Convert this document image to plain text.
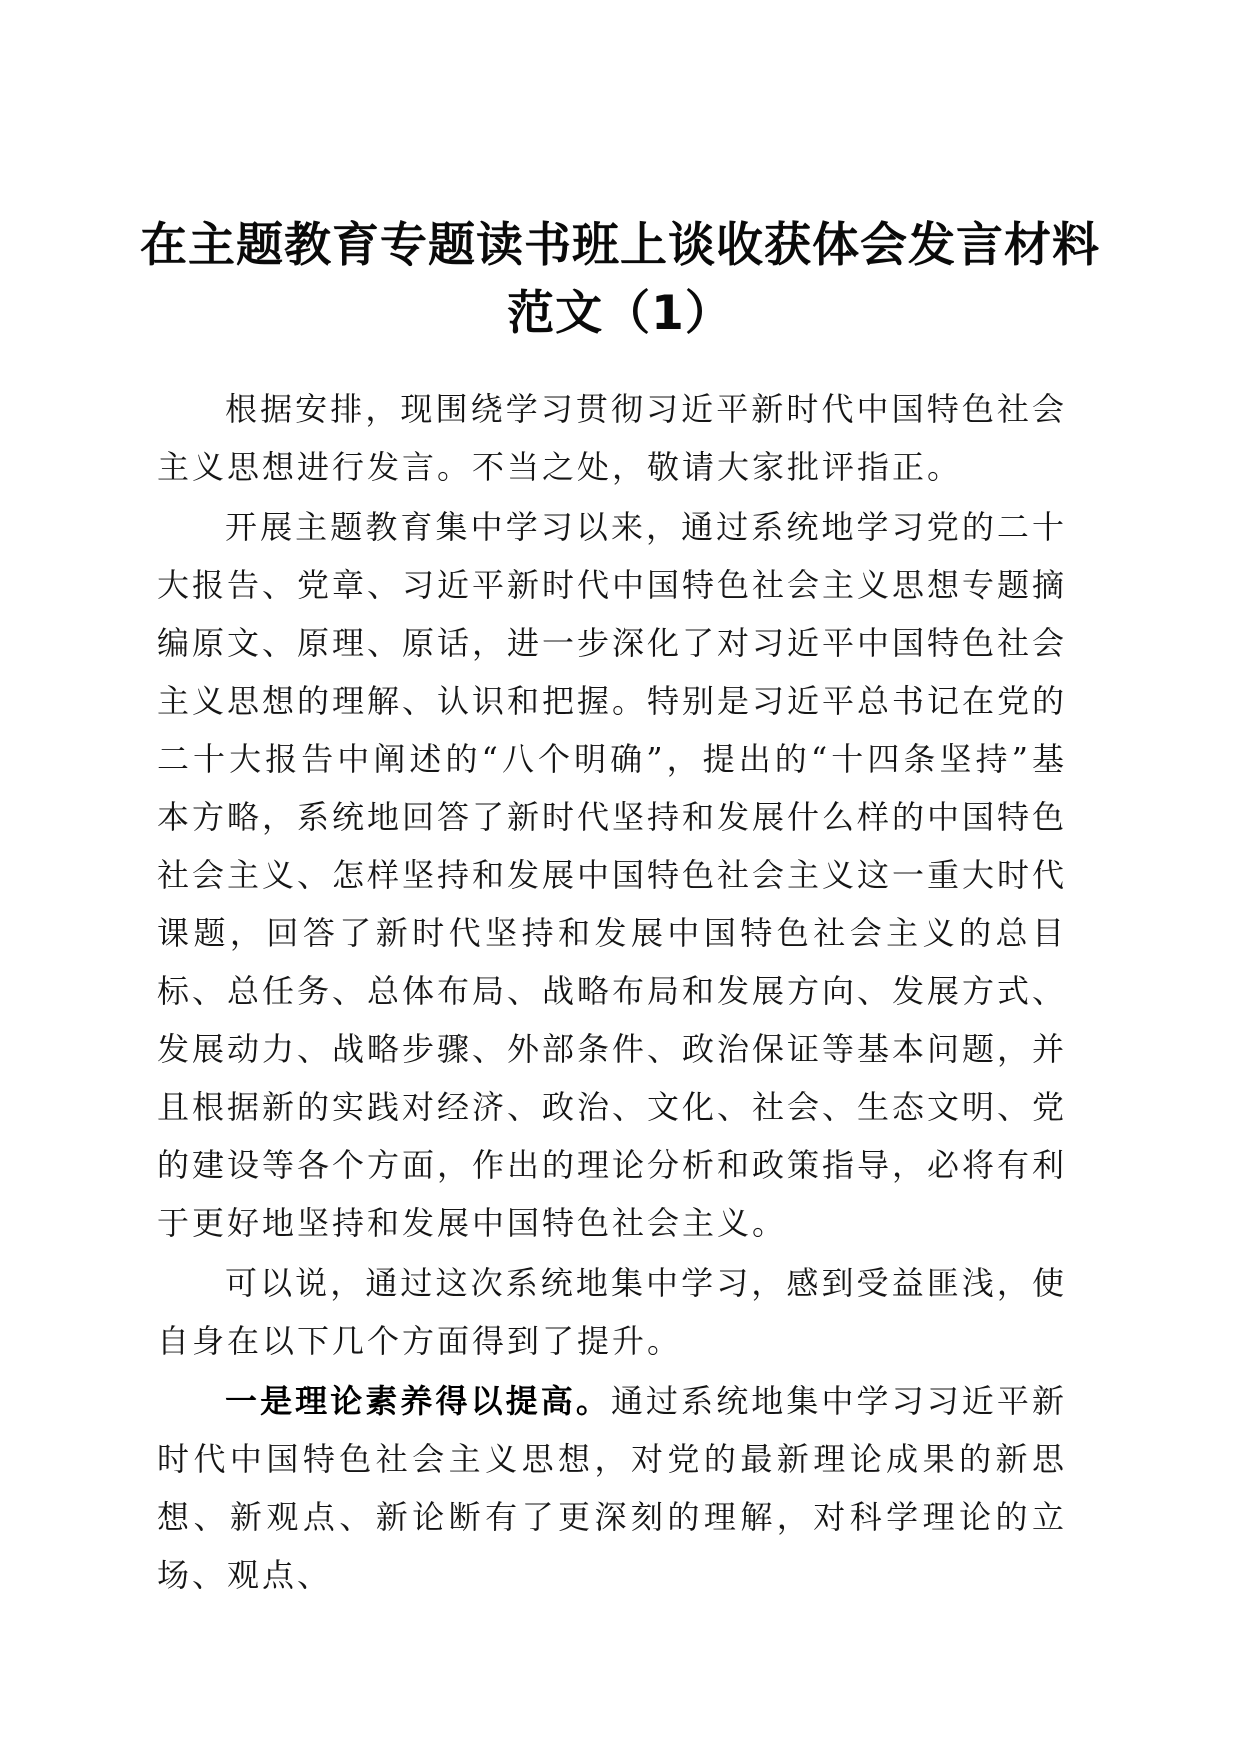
在主题教育专题读书班上谈收获体会发言材料
范文（1）

根据安排，现围绕学习贯彻习近平新时代中国特色社会主义思想进行发言。不当之处，敬请大家批评指正。

开展主题教育集中学习以来，通过系统地学习党的二十大报告、党章、习近平新时代中国特色社会主义思想专题摘编原文、原理、原话，进一步深化了对习近平中国特色社会主义思想的理解、认识和把握。特别是习近平总书记在党的二十大报告中阐述的“八个明确”，提出的“十四条坚持”基本方略，系统地回答了新时代坚持和发展什么样的中国特色社会主义、怎样坚持和发展中国特色社会主义这一重大时代课题，回答了新时代坚持和发展中国特色社会主义的总目标、总任务、总体布局、战略布局和发展方向、发展方式、发展动力、战略步骤、外部条件、政治保证等基本问题，并且根据新的实践对经济、政治、文化、社会、生态文明、党的建设等各个方面，作出的理论分析和政策指导，必将有利于更好地坚持和发展中国特色社会主义。

可以说，通过这次系统地集中学习，感到受益匪浅，使自身在以下几个方面得到了提升。

一是理论素养得以提高。通过系统地集中学习习近平新时代中国特色社会主义思想，对党的最新理论成果的新思想、新观点、新论断有了更深刻的理解，对科学理论的立场、观点、
